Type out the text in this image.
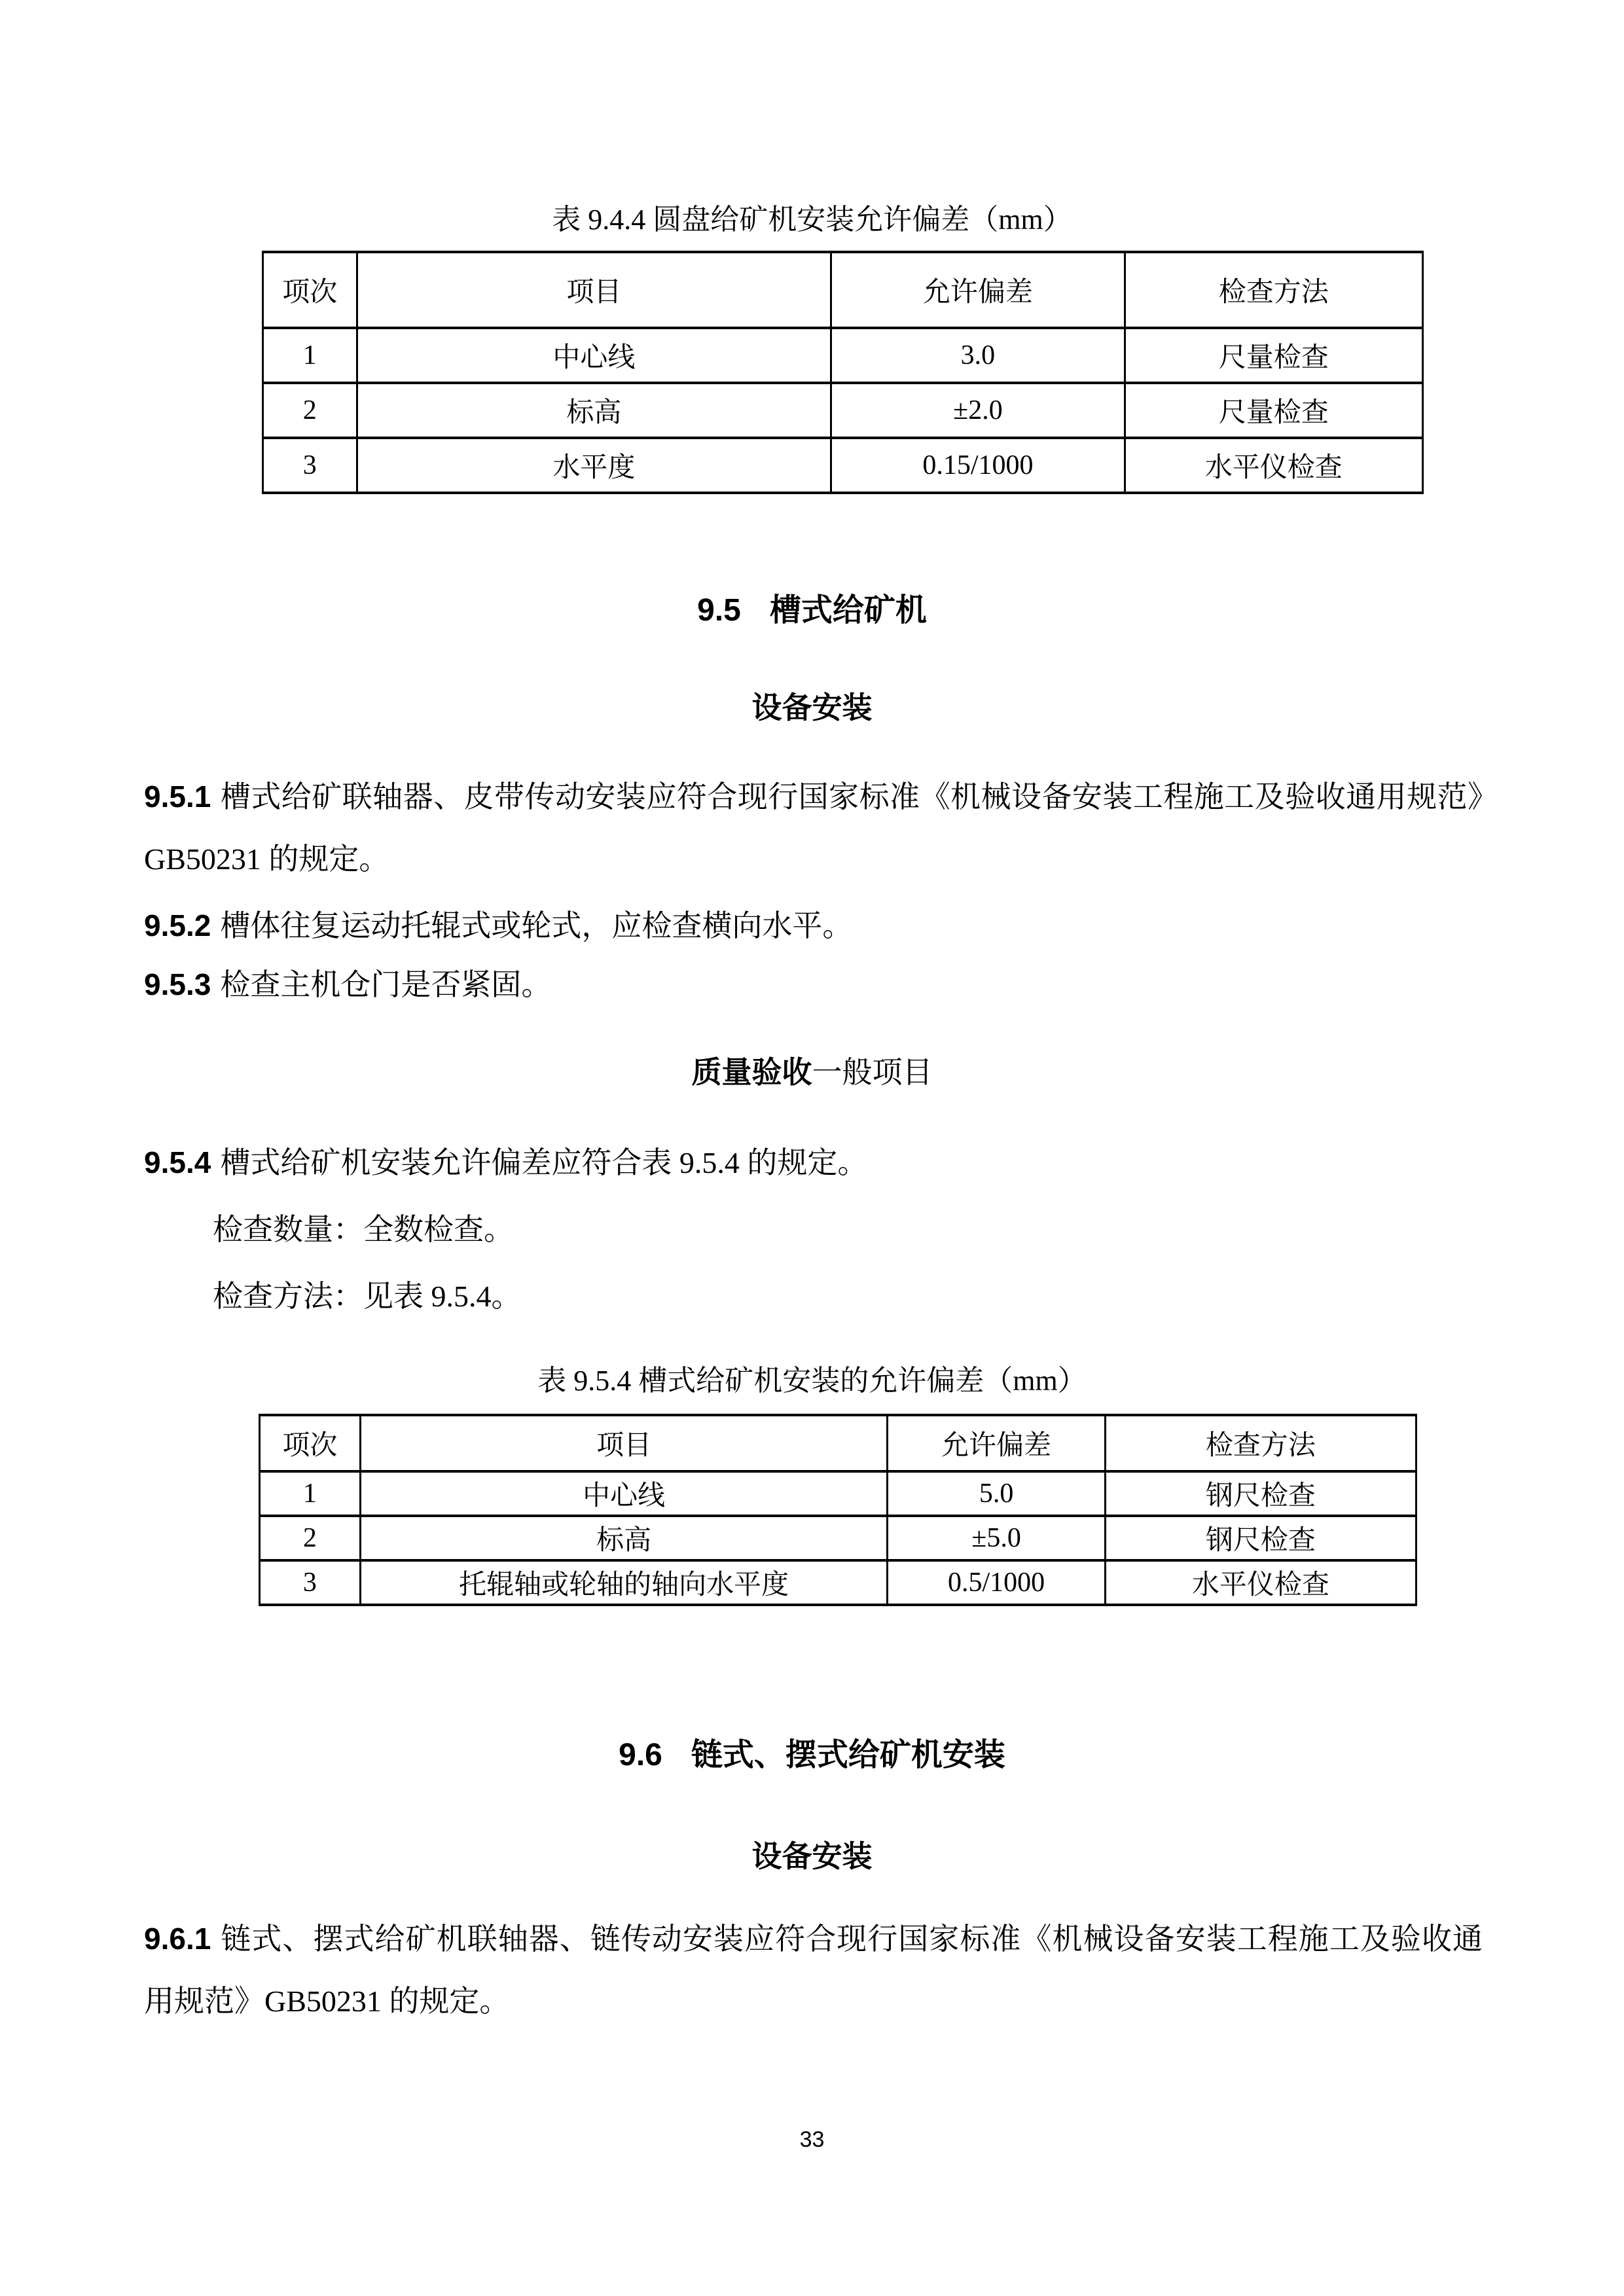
表 9.4.4 圆盘给矿机安装允许偏差（mm）
项次	项目	允许偏差	检查方法
1	中心线	3.0	尺量检查
2	标高	±2.0	尺量检查
3	水平度	0.15/1000	水平仪检查
9.5 槽式给矿机
设备安装

9.5.1 槽式给矿联轴器、皮带传动安装应符合现行国家标准《机械设备安装工程施工及验收通用规范》GB50231 的规定。

9.5.2 槽体往复运动托辊式或轮式，应检查横向水平。

9.5.3 检查主机仓门是否紧固。

质量验收一般项目

9.5.4 槽式给矿机安装允许偏差应符合表 9.5.4 的规定。

检查数量：全数检查。

检查方法：见表 9.5.4。

表 9.5.4 槽式给矿机安装的允许偏差（mm）
项次	项目	允许偏差	检查方法
1	中心线	5.0	钢尺检查
2	标高	±5.0	钢尺检查
3	托辊轴或轮轴的轴向水平度	0.5/1000	水平仪检查
9.6 链式、摆式给矿机安装
设备安装

9.6.1 链式、摆式给矿机联轴器、链传动安装应符合现行国家标准《机械设备安装工程施工及验收通用规范》GB50231 的规定。

33
